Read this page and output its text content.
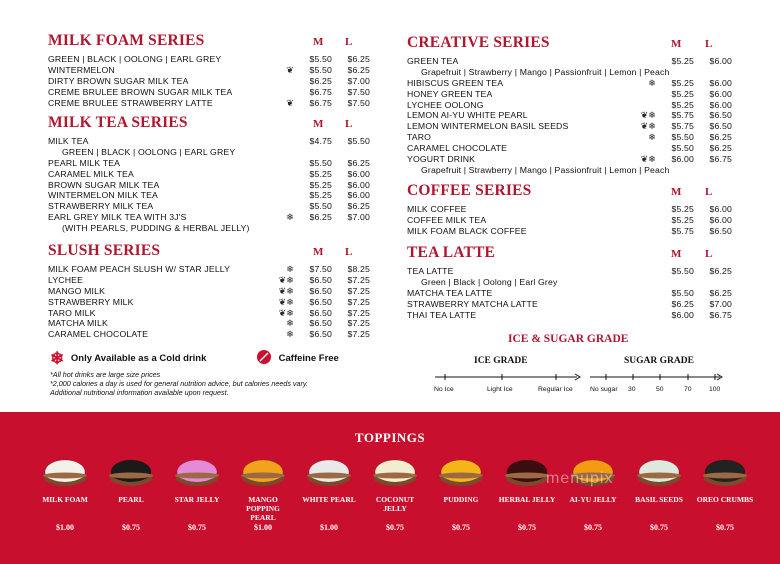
MILK FOAM SERIES	M L
GREEN | BLACK | OOLONG | EARL GREY	$5.50 $6.25
WINTERMELON	❦ $5.50 $6.25
DIRTY BROWN SUGAR MILK TEA	$6.25 $7.00
CREME BRULEE BROWN SUGAR MILK TEA	$6.75 $7.50
CREME BRULEE STRAWBERRY LATTE	❦ $6.75 $7.50
MILK TEA SERIES	M L
MILK TEA	$4.75 $5.50
GREEN | BLACK | OOLONG | EARL GREY
PEARL MILK TEA	$5.50 $6.25
CARAMEL MILK TEA	$5.25 $6.00
BROWN SUGAR MILK TEA	$5.25 $6.00
WINTERMELON MILK TEA	$5.25 $6.00
STRAWBERRY MILK TEA	$5.50 $6.25
EARL GREY MILK TEA WITH 3J'S	❄ $6.25 $7.00
(WITH PEARLS, PUDDING & HERBAL JELLY)
SLUSH SERIES	M L
MILK FOAM PEACH SLUSH W/ STAR JELLY	❄ $7.50 $8.25
LYCHEE	❦❄ $6.50 $7.25
MANGO MILK	❦❄ $6.50 $7.25
STRAWBERRY MILK	❦❄ $6.50 $7.25
TARO MILK	❦❄ $6.50 $7.25
MATCHA MILK	❄ $6.50 $7.25
CARAMEL CHOCOLATE	❄ $6.50 $7.25
❄ Only Available as a Cold drink	Caffeine Free
*All hot drinks are large size prices
*2,000 calories a day is used for general nutrition advice, but calories needs vary.
Additional nutritional information available upon request.
CREATIVE SERIES	M L
GREEN TEA	$5.25 $6.00
Grapefruit | Strawberry | Mango | Passionfruit | Lemon | Peach
HIBISCUS GREEN TEA	❄ $5.25 $6.00
HONEY GREEN TEA	$5.25 $6.00
LYCHEE OOLONG	$5.25 $6.00
LEMON AI-YU WHITE PEARL	❦❄ $5.75 $6.50
LEMON WINTERMELON BASIL SEEDS	❦❄ $5.75 $6.50
TARO	❄ $5.50 $6.25
CARAMEL CHOCOLATE	$5.50 $6.25
YOGURT DRINK	❦❄ $6.00 $6.75
Grapefruit | Strawberry | Mango | Passionfruit | Lemon | Peach
COFFEE SERIES	M L
MILK COFFEE	$5.25 $6.00
COFFEE MILK TEA	$5.25 $6.00
MILK FOAM BLACK COFFEE	$5.75 $6.50
TEA LATTE	M L
TEA LATTE	$5.50 $6.25
Green | Black | Oolong | Earl Grey
MATCHA TEA LATTE	$5.50 $6.25
STRAWBERRY MATCHA LATTE	$6.25 $7.00
THAI TEA LATTE	$6.00 $6.75
ICE & SUGAR GRADE
ICE GRADE	SUGAR GRADE
No Ice	Light Ice	Regular Ice	No sugar 30	50	70	100
TOPPINGS
MILK FOAM
$1.00
PEARL
$0.75
STAR JELLY
$0.75
MANGO POPPING PEARL
$1.00
WHITE PEARL
$1.00
COCONUT JELLY
$0.75
PUDDING
$0.75
HERBAL JELLY
$0.75
AI-YU JELLY
$0.75
BASIL SEEDS
$0.75
OREO CRUMBS
$0.75
menupix
